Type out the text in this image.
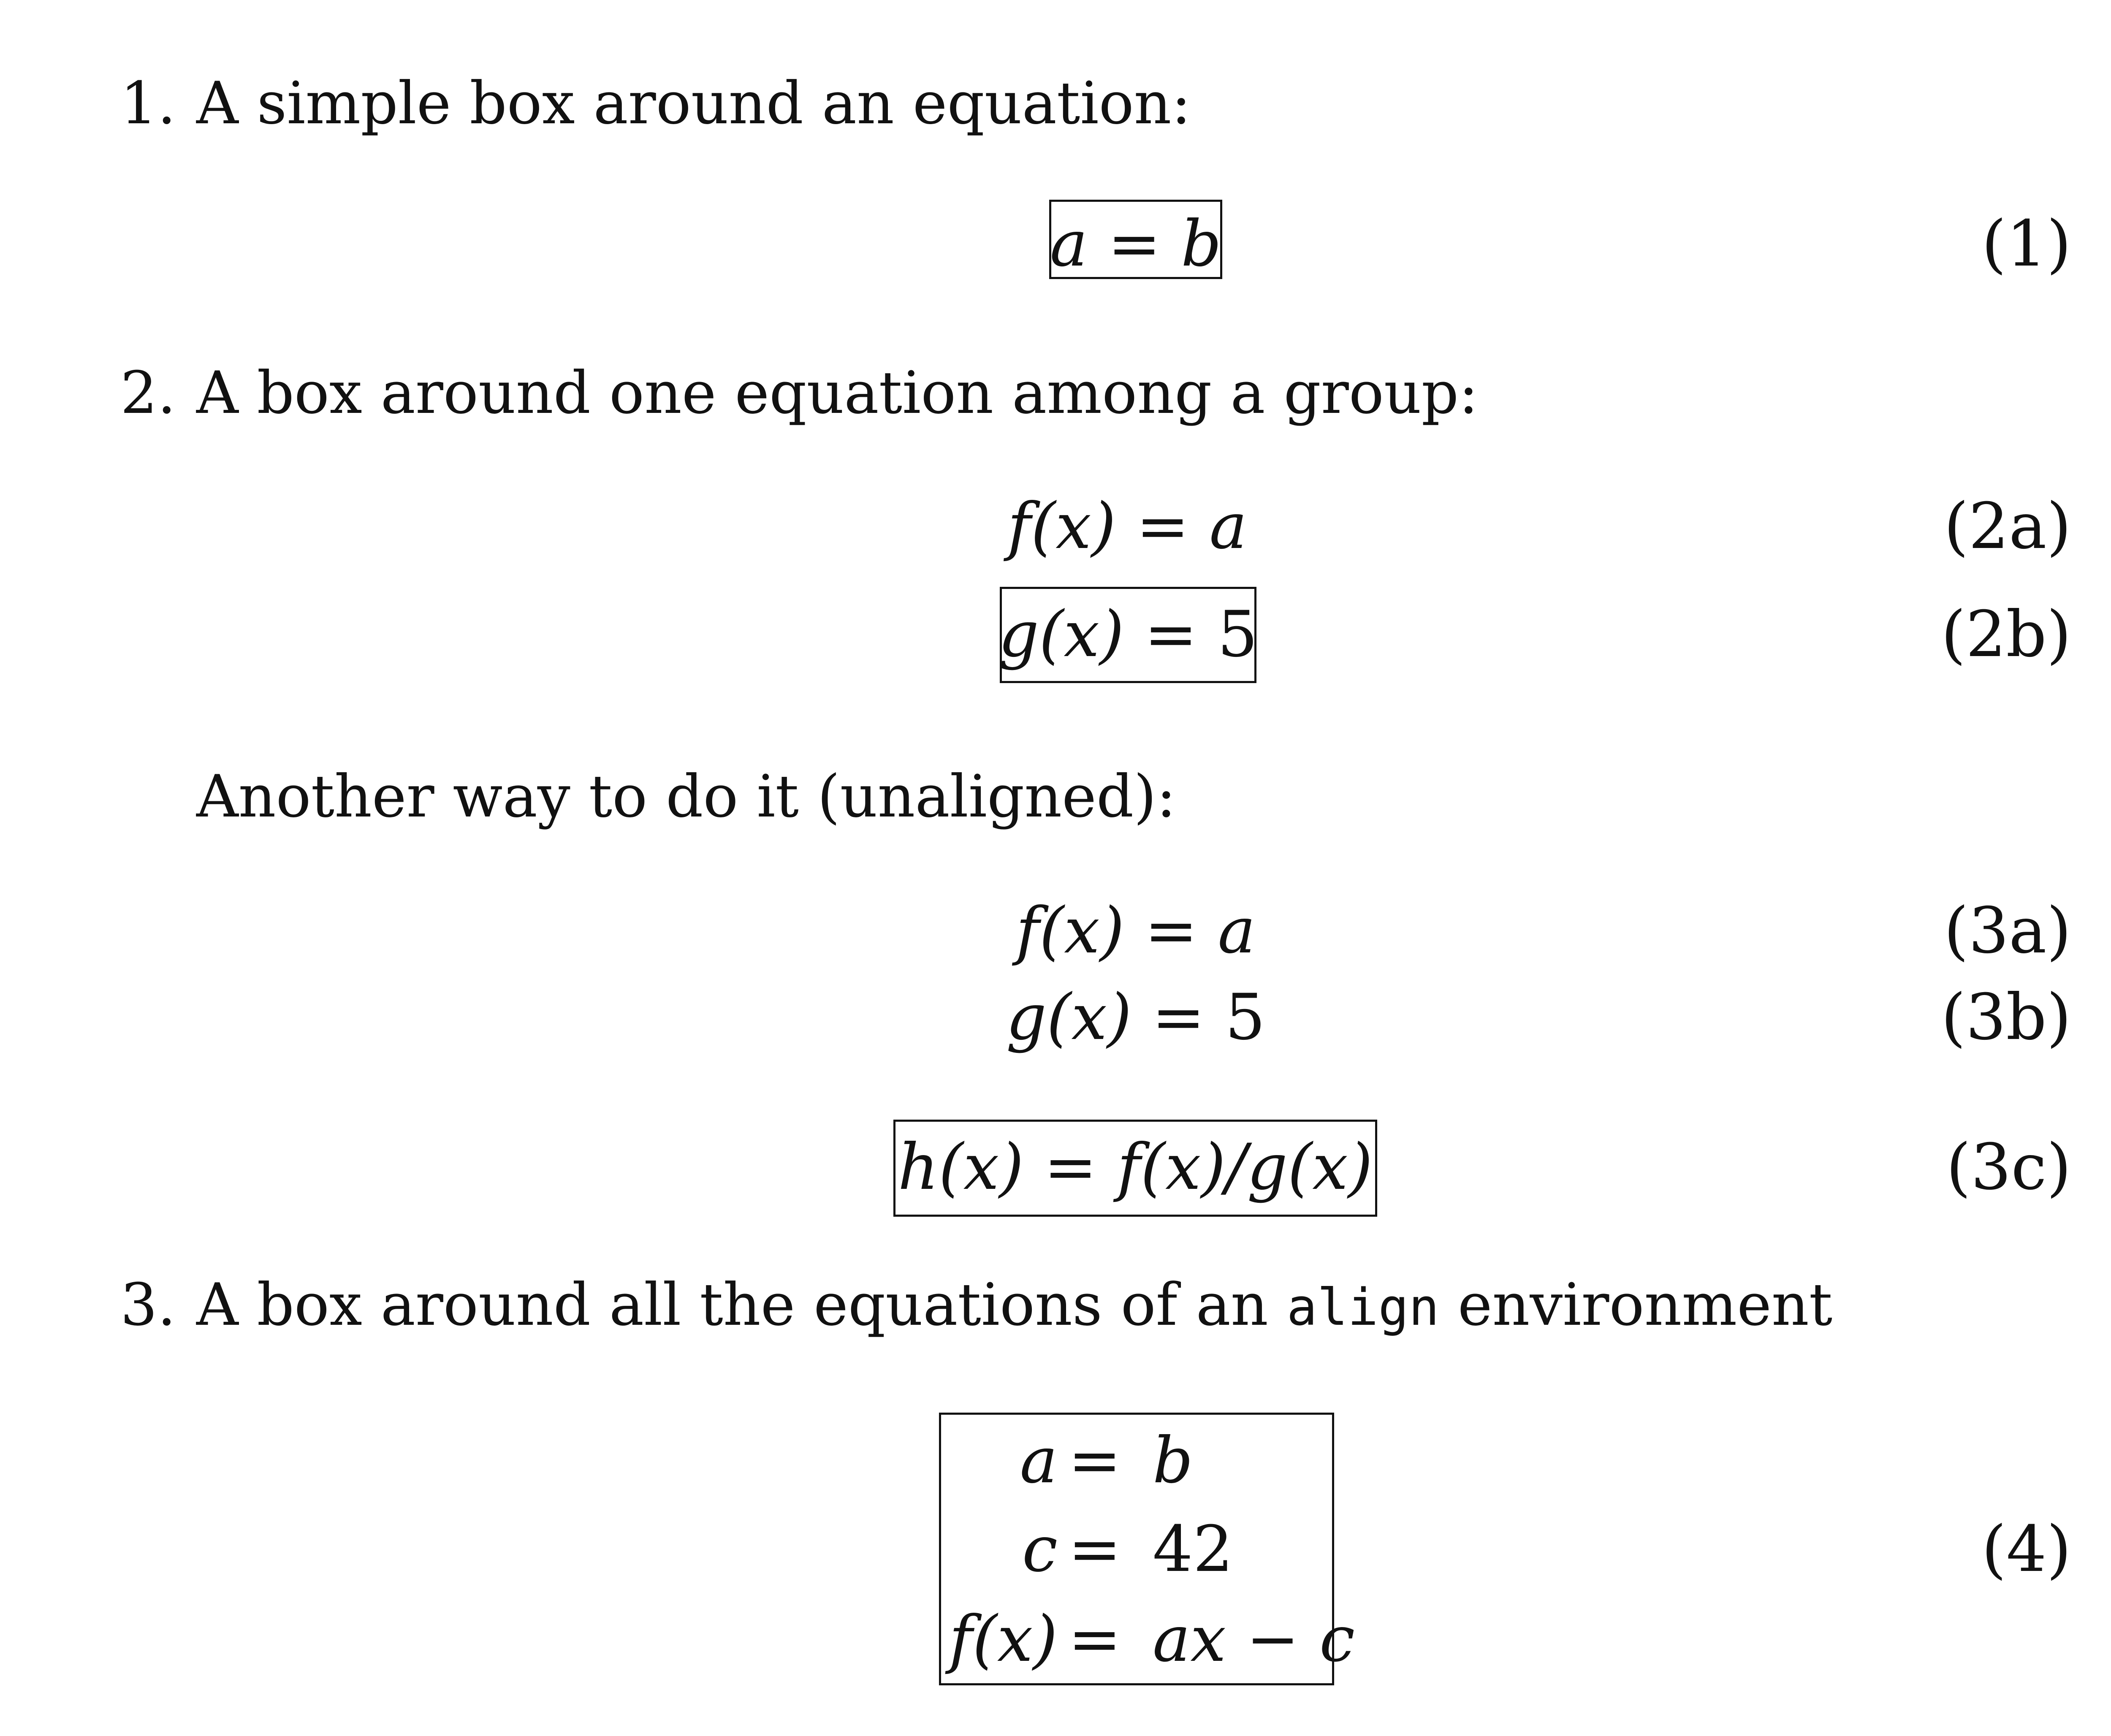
1. A simple box around an equation:
a = b	(1)
2. A box around one equation among a group:
f(x) = a	(2a)
g(x) = 5	(2b)
Another way to do it (unaligned):
f(x) = a	(3a)
g(x) = 5	(3b)
h(x) = f(x)/g(x)	(3c)
3. A box around all the equations of an align environment
a = b
c = 42
f(x) = ax − c
(4)
